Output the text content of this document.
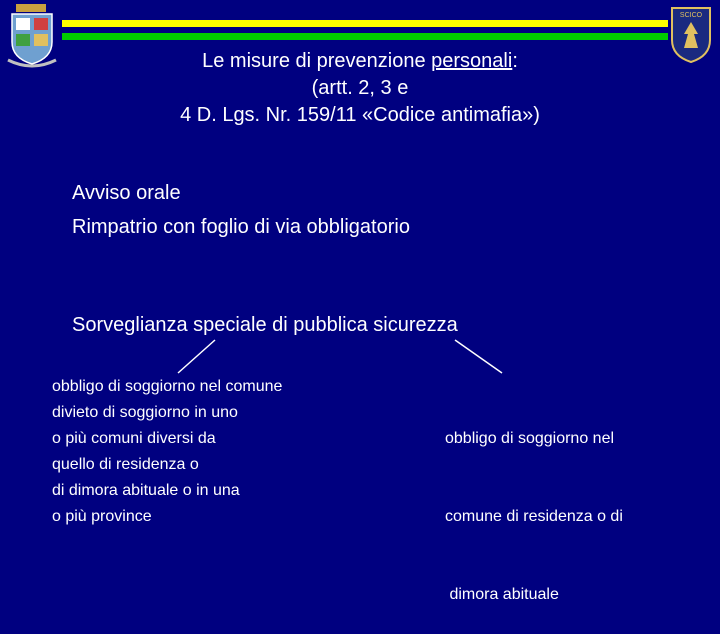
SCICO
Le misure di prevenzione personali:
(artt. 2, 3 e
4 D. Lgs. Nr. 159/11 «Codice antimafia»)
Avviso orale
Rimpatrio con foglio di via obbligatorio
Sorveglianza speciale di pubblica sicurezza
obbligo di soggiorno nel comune
divieto di soggiorno in uno
o più comuni diversi da
quello di residenza o
di dimora abituale o in una
o più province

obbligo di soggiorno nel

comune di residenza o di

dimora abituale
